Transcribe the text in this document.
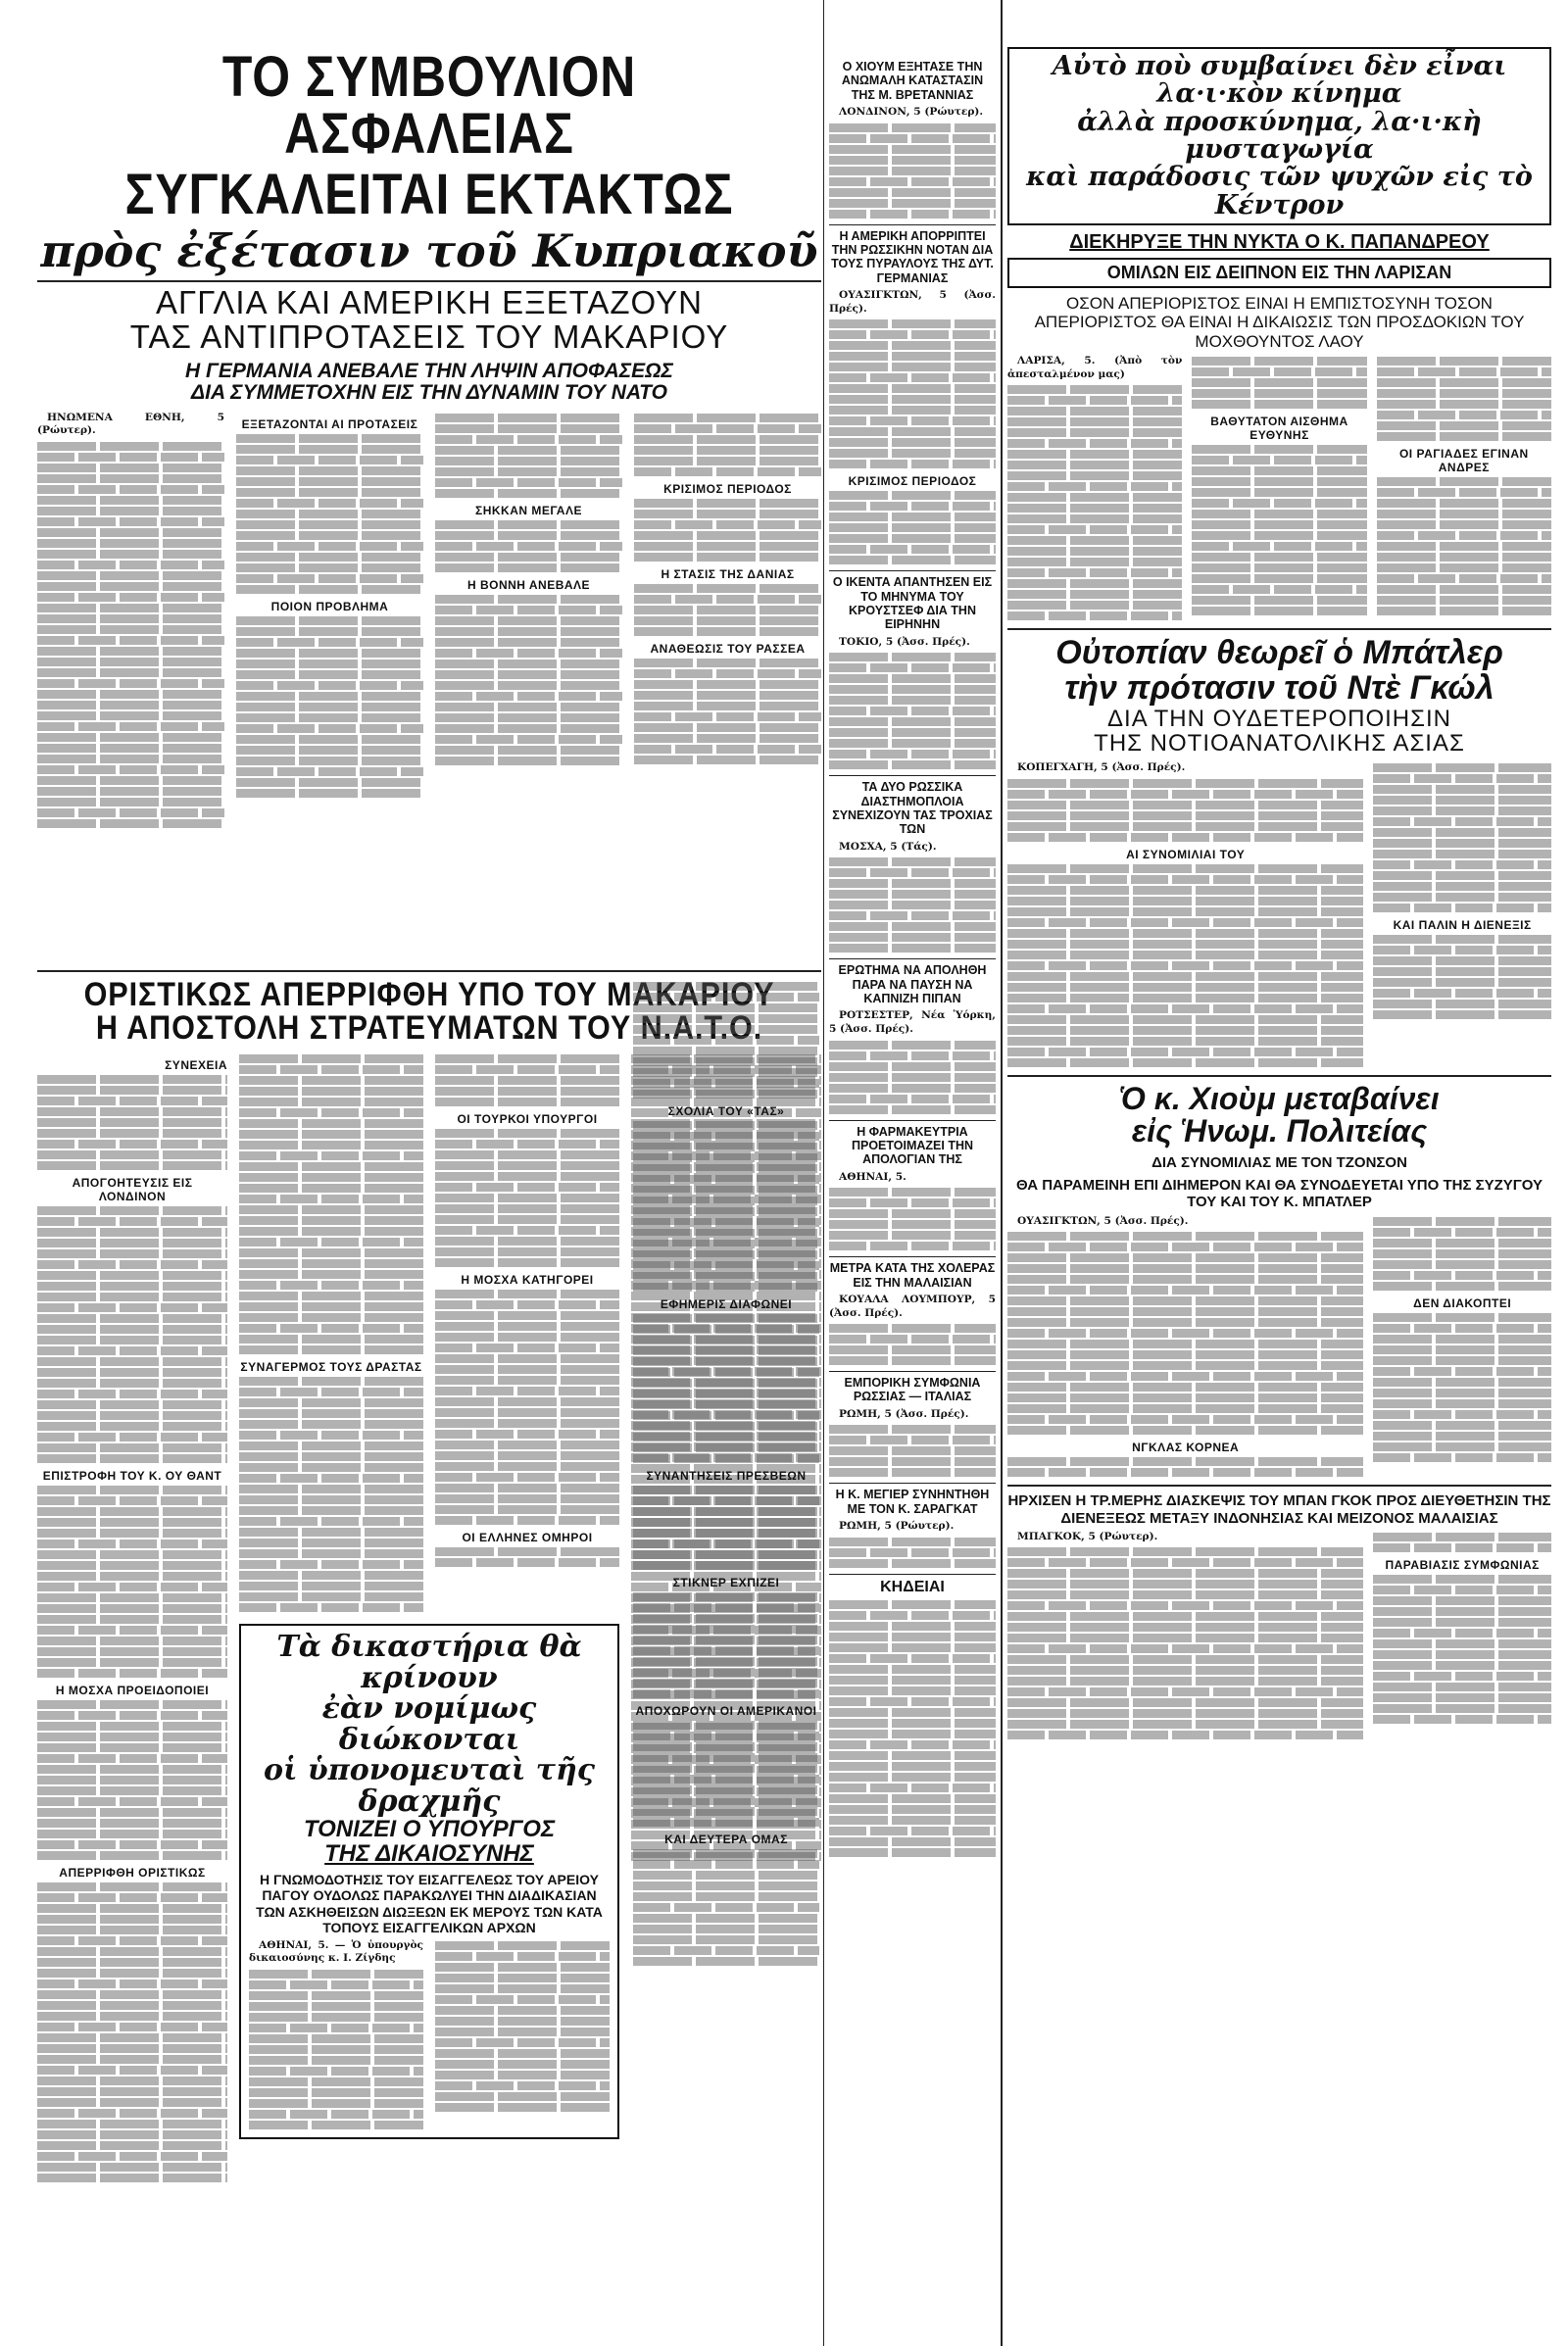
ΤΟ ΣΥΜΒΟΥΛΙΟΝ ΑΣΦΑΛΕΙΑΣ
ΣΥΓΚΑΛΕΙΤΑΙ ΕΚΤΑΚΤΩΣ
πρὸς ἐξέτασιν τοῦ Κυπριακοῦ
ΑΓΓΛΙΑ ΚΑΙ ΑΜΕΡΙΚΗ ΕΞΕΤΑΖΟΥΝ
ΤΑΣ ΑΝΤΙΠΡΟΤΑΣΕΙΣ ΤΟΥ ΜΑΚΑΡΙΟΥ
Η ΓΕΡΜΑΝΙΑ ΑΝΕΒΑΛΕ ΤΗΝ ΛΗΨΙΝ ΑΠΟΦΑΣΕΩΣ
ΔΙΑ ΣΥΜΜΕΤΟΧΗΝ ΕΙΣ ΤΗΝ ΔΥΝΑΜΙΝ ΤΟΥ ΝΑΤΟ

ΗΝΩΜΕΝΑ ΕΘΝΗ, 5 (Ρώυτερ).	ΕΞΕΤΑΖΟΝΤΑΙ ΑΙ ΠΡΟΤΑΣΕΙΣ
ΠΟΙΟΝ ΠΡΟΒΛΗΜΑ
ΣΗΚΚΑΝ ΜΕΓΑΛΕ
Η ΒΟΝΝΗ ΑΝΕΒΑΛΕ
ΚΡΙΣΙΜΟΣ ΠΕΡΙΟΔΟΣ
Η ΣΤΑΣΙΣ ΤΗΣ ΔΑΝΙΑΣ
ΑΝΑΘΕΩΣΙΣ ΤΟΥ ΡΑΣΣΕΑ
ΟΡΙΣΤΙΚΩΣ ΑΠΕΡΡΙΦΘΗ ΥΠΟ ΤΟΥ ΜΑΚΑΡΙΟΥ
Η ΑΠΟΣΤΟΛΗ ΣΤΡΑΤΕΥΜΑΤΩΝ ΤΟΥ Ν.Α.Τ.Ο.
ΣΥΝΕΧΕΙΑ
ΑΠΟΓΟΗΤΕΥΣΙΣ ΕΙΣ ΛΟΝΔΙΝΟΝ
ΕΠΙΣΤΡΟΦΗ ΤΟΥ Κ. ΟΥ ΘΑΝΤ
Η ΜΟΣΧΑ ΠΡΟΕΙΔΟΠΟΙΕΙ
ΑΠΕΡΡΙΦΘΗ ΟΡΙΣΤΙΚΩΣ
ΣΥΝΑΓΕΡΜΟΣ ΤΟΥΣ ΔΡΑΣΤΑΣ
ΟΙ ΤΟΥΡΚΟΙ ΥΠΟΥΡΓΟΙ
Η ΜΟΣΧΑ ΚΑΤΗΓΟΡΕΙ
ΟΙ ΕΛΛΗΝΕΣ ΟΜΗΡΟΙ
Τὰ δικαστήρια θὰ κρίνουν
ἐὰν νομίμως διώκονται
οἱ ὑπονομευταὶ τῆς δραχμῆς
ΤΟΝΙΖΕΙ Ο ΥΠΟΥΡΓΟΣ
ΤΗΣ ΔΙΚΑΙΟΣΥΝΗΣ
Η ΓΝΩΜΟΔΟΤΗΣΙΣ ΤΟΥ ΕΙΣΑΓΓΕΛΕΩΣ ΤΟΥ ΑΡΕΙΟΥ ΠΑΓΟΥ ΟΥΔΟΛΩΣ ΠΑΡΑΚΩΛΥΕΙ ΤΗΝ ΔΙΑΔΙΚΑΣΙΑΝ ΤΩΝ ΑΣΚΗΘΕΙΣΩΝ ΔΙΩΞΕΩΝ ΕΚ ΜΕΡΟΥΣ ΤΩΝ ΚΑΤΑ ΤΟΠΟΥΣ ΕΙΣΑΓΓΕΛΙΚΩΝ ΑΡΧΩΝ

ΑΘΗΝΑΙ, 5. — Ὁ ὑπουργὸς δικαιοσύνης κ. Ι. Ζίγδης

Ο ΧΙΟΥΜ ΕΞΗΤΑΣΕ ΤΗΝ ΑΝΩΜΑΛΗ ΚΑΤΑΣΤΑΣΙΝ ΤΗΣ Μ. ΒΡΕΤΑΝΝΙΑΣ

ΛΟΝΔΙΝΟΝ, 5 (Ρώυτερ).

Η ΑΜΕΡΙΚΗ ΑΠΟΡΡΙΠΤΕΙ ΤΗΝ ΡΩΣΣΙΚΗΝ ΝΟΤΑΝ ΔΙΑ ΤΟΥΣ ΠΥΡΑΥΛΟΥΣ ΤΗΣ ΔΥΤ. ΓΕΡΜΑΝΙΑΣ

ΟΥΑΣΙΓΚΤΩΝ, 5 (Ἀσσ. Πρές).

ΚΡΙΣΙΜΟΣ ΠΕΡΙΟΔΟΣ
Ο ΙΚΕΝΤΑ ΑΠΑΝΤΗΣΕΝ ΕΙΣ ΤΟ ΜΗΝΥΜΑ ΤΟΥ ΚΡΟΥΣΤΣΕΦ ΔΙΑ ΤΗΝ ΕΙΡΗΝΗΝ

ΤΟΚΙΟ, 5 (Ἀσσ. Πρές).

ΤΑ ΔΥΟ ΡΩΣΣΙΚΑ ΔΙΑΣΤΗΜΟΠΛΟΙΑ ΣΥΝΕΧΙΖΟΥΝ ΤΑΣ ΤΡΟΧΙΑΣ ΤΩΝ

ΜΟΣΧΑ, 5 (Τάς).

ΕΡΩΤΗΜΑ ΝΑ ΑΠΟΛΗΘΗ ΠΑΡΑ ΝΑ ΠΑΥΣΗ ΝΑ ΚΑΠΝΙΖΗ ΠΙΠΑΝ

ΡΟΤΣΕΣΤΕΡ, Νέα Ὑόρκη, 5 (Ἀσσ. Πρές).

Η ΦΑΡΜΑΚΕΥΤΡΙΑ ΠΡΟΕΤΟΙΜΑΖΕΙ ΤΗΝ ΑΠΟΛΟΓΙΑΝ ΤΗΣ

ΑΘΗΝΑΙ, 5.

ΜΕΤΡΑ ΚΑΤΑ ΤΗΣ ΧΟΛΕΡΑΣ ΕΙΣ ΤΗΝ ΜΑΛΑΙΣΙΑΝ

ΚΟΥΑΛΑ ΛΟΥΜΠΟΥΡ, 5 (Ἀσσ. Πρές).

ΕΜΠΟΡΙΚΗ ΣΥΜΦΩΝΙΑ ΡΩΣΣΙΑΣ — ΙΤΑΛΙΑΣ

ΡΩΜΗ, 5 (Ἀσσ. Πρές).

Η Κ. ΜΕΓΙΕΡ ΣΥΝΗΝΤΗΘΗ ΜΕ ΤΟΝ Κ. ΣΑΡΑΓΚΑΤ

ΡΩΜΗ, 5 (Ρώυτερ).

ΚΗΔΕΙΑΙ
ΣΧΟΛΙΑ ΤΟΥ «ΤΑΣ»
ΕΦΗΜΕΡΙΣ ΔΙΑΦΩΝΕΙ
ΣΥΝΑΝΤΗΣΕΙΣ ΠΡΕΣΒΕΩΝ
ΣΤΙΚΝΕΡ ΕΧΠΙΖΕΙ
ΑΠΟΧΩΡΟΥΝ ΟΙ ΑΜΕΡΙΚΑΝΟΙ
ΚΑΙ ΔΕΥΤΕΡΑ ΟΜΑΣ
Αὐτὸ ποὺ συμβαίνει δὲν εἶναι λα·ι·κὸν κίνημα
ἀλλὰ προσκύνημα, λα·ι·κὴ μυσταγωγία
καὶ παράδοσις τῶν ψυχῶν εἰς τὸ Κέντρον
ΔΙΕΚΗΡΥΞΕ ΤΗΝ ΝΥΚΤΑ Ο Κ. ΠΑΠΑΝΔΡΕΟΥ
ΟΜΙΛΩΝ ΕΙΣ ΔΕΙΠΝΟΝ ΕΙΣ ΤΗΝ ΛΑΡΙΣΑΝ
ΟΣΟΝ ΑΠΕΡΙΟΡΙΣΤΟΣ ΕΙΝΑΙ Η ΕΜΠΙΣΤΟΣΥΝΗ ΤΟΣΟΝ ΑΠΕΡΙΟΡΙΣΤΟΣ ΘΑ ΕΙΝΑΙ Η ΔΙΚΑΙΩΣΙΣ ΤΩΝ ΠΡΟΣΔΟΚΙΩΝ ΤΟΥ ΜΟΧΘΟΥΝΤΟΣ ΛΑΟΥ

ΛΑΡΙΣΑ, 5. (Ἀπὸ τὸν ἀπεσταλμένον μας)

ΒΑΘΥΤΑΤΟΝ ΑΙΣΘΗΜΑ ΕΥΘΥΝΗΣ
ΟΙ ΡΑΓΙΑΔΕΣ ΕΓΙΝΑΝ ΑΝΔΡΕΣ
Οὐτοπίαν θεωρεῖ ὁ Μπάτλερ
τὴν πρότασιν τοῦ Ντὲ Γκώλ
ΔΙΑ ΤΗΝ ΟΥΔΕΤΕΡΟΠΟΙΗΣΙΝ
ΤΗΣ ΝΟΤΙΟΑΝΑΤΟΛΙΚΗΣ ΑΣΙΑΣ

ΚΟΠΕΓΧΑΓΗ, 5 (Ἀσσ. Πρές).

ΑΙ ΣΥΝΟΜΙΛΙΑΙ ΤΟΥ
ΚΑΙ ΠΑΛΙΝ Η ΔΙΕΝΕΞΙΣ
Ὁ κ. Χιοὺμ μεταβαίνει
εἰς Ἡνωμ. Πολιτείας
ΔΙΑ ΣΥΝΟΜΙΛΙΑΣ ΜΕ ΤΟΝ ΤΖΟΝΣΟΝ
ΘΑ ΠΑΡΑΜΕΙΝΗ ΕΠΙ ΔΙΗΜΕΡΟΝ ΚΑΙ ΘΑ ΣΥΝΟΔΕΥΕΤΑΙ ΥΠΟ ΤΗΣ ΣΥΖΥΓΟΥ ΤΟΥ ΚΑΙ ΤΟΥ Κ. ΜΠΑΤΛΕΡ

ΟΥΑΣΙΓΚΤΩΝ, 5 (Ἀσσ. Πρές).

ΝΓΚΛΑΣ ΚΟΡΝΕΑ
ΔΕΝ ΔΙΑΚΟΠΤΕΙ
ΗΡΧΙΣΕΝ Η ΤΡ.ΜΕΡΗΣ ΔΙΑΣΚΕΨΙΣ ΤΟΥ ΜΠΑΝ ΓΚΟΚ ΠΡΟΣ ΔΙΕΥΘΕΤΗΣΙΝ ΤΗΣ ΔΙΕΝΕΞΕΩΣ ΜΕΤΑΞΥ ΙΝΔΟΝΗΣΙΑΣ ΚΑΙ ΜΕΙΖΟΝΟΣ ΜΑΛΑΙΣΙΑΣ

ΜΠΑΓΚΟΚ, 5 (Ρώυτερ).

ΠΑΡΑΒΙΑΣΙΣ ΣΥΜΦΩΝΙΑΣ
